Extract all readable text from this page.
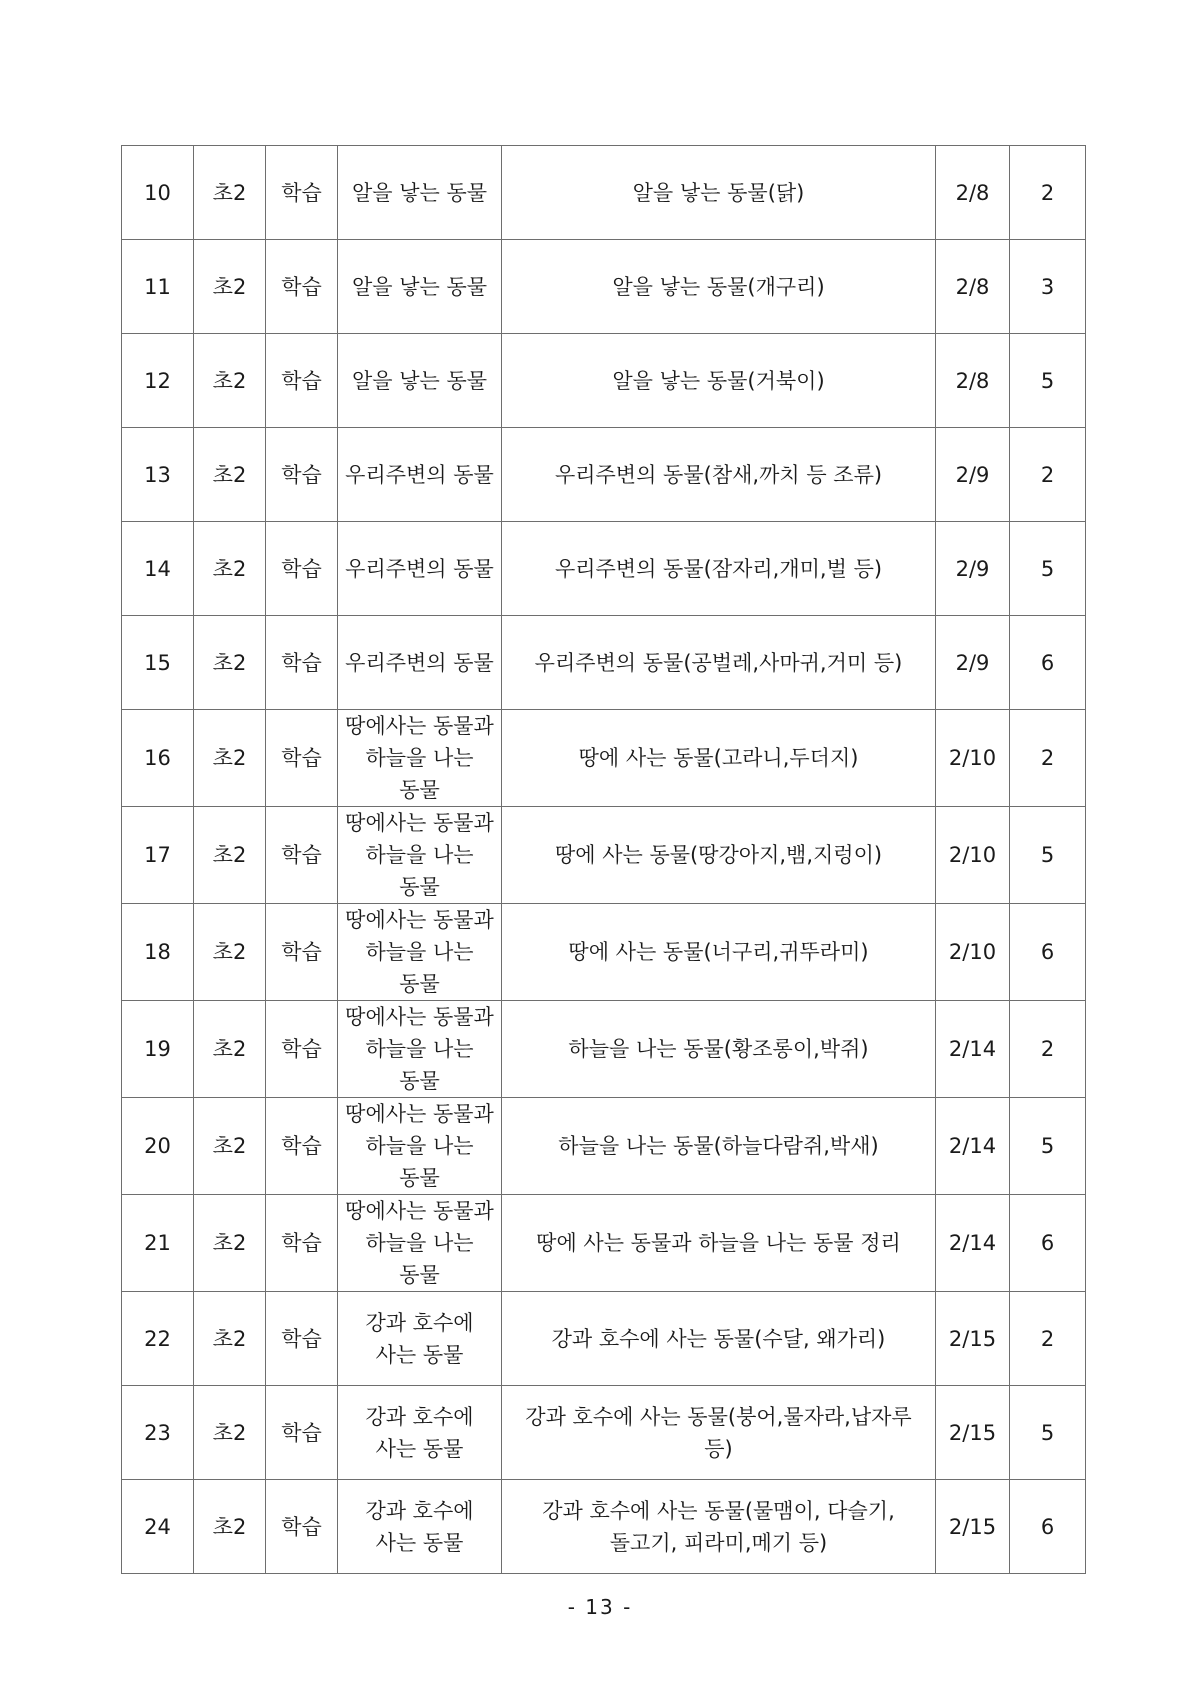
10	초2	학습	알을 낳는 동물	알을 낳는 동물(닭)	2/8	2
11	초2	학습	알을 낳는 동물	알을 낳는 동물(개구리)	2/8	3
12	초2	학습	알을 낳는 동물	알을 낳는 동물(거북이)	2/8	5
13	초2	학습	우리주변의 동물	우리주변의 동물(참새,까치 등 조류)	2/9	2
14	초2	학습	우리주변의 동물	우리주변의 동물(잠자리,개미,벌 등)	2/9	5
15	초2	학습	우리주변의 동물	우리주변의 동물(공벌레,사마귀,거미 등)	2/9	6
16	초2	학습	땅에사는 동물과 하늘을 나는 동물	땅에 사는 동물(고라니,두더지)	2/10	2
17	초2	학습	땅에사는 동물과 하늘을 나는 동물	땅에 사는 동물(땅강아지,뱀,지렁이)	2/10	5
18	초2	학습	땅에사는 동물과 하늘을 나는 동물	땅에 사는 동물(너구리,귀뚜라미)	2/10	6
19	초2	학습	땅에사는 동물과 하늘을 나는 동물	하늘을 나는 동물(황조롱이,박쥐)	2/14	2
20	초2	학습	땅에사는 동물과 하늘을 나는 동물	하늘을 나는 동물(하늘다람쥐,박새)	2/14	5
21	초2	학습	땅에사는 동물과 하늘을 나는 동물	땅에 사는 동물과 하늘을 나는 동물 정리	2/14	6
22	초2	학습	강과 호수에 사는 동물	강과 호수에 사는 동물(수달, 왜가리)	2/15	2
23	초2	학습	강과 호수에 사는 동물	강과 호수에 사는 동물(붕어,물자라,납자루 등)	2/15	5
24	초2	학습	강과 호수에 사는 동물	강과 호수에 사는 동물(물맴이, 다슬기, 돌고기, 피라미,메기 등)	2/15	6
- 13 -
